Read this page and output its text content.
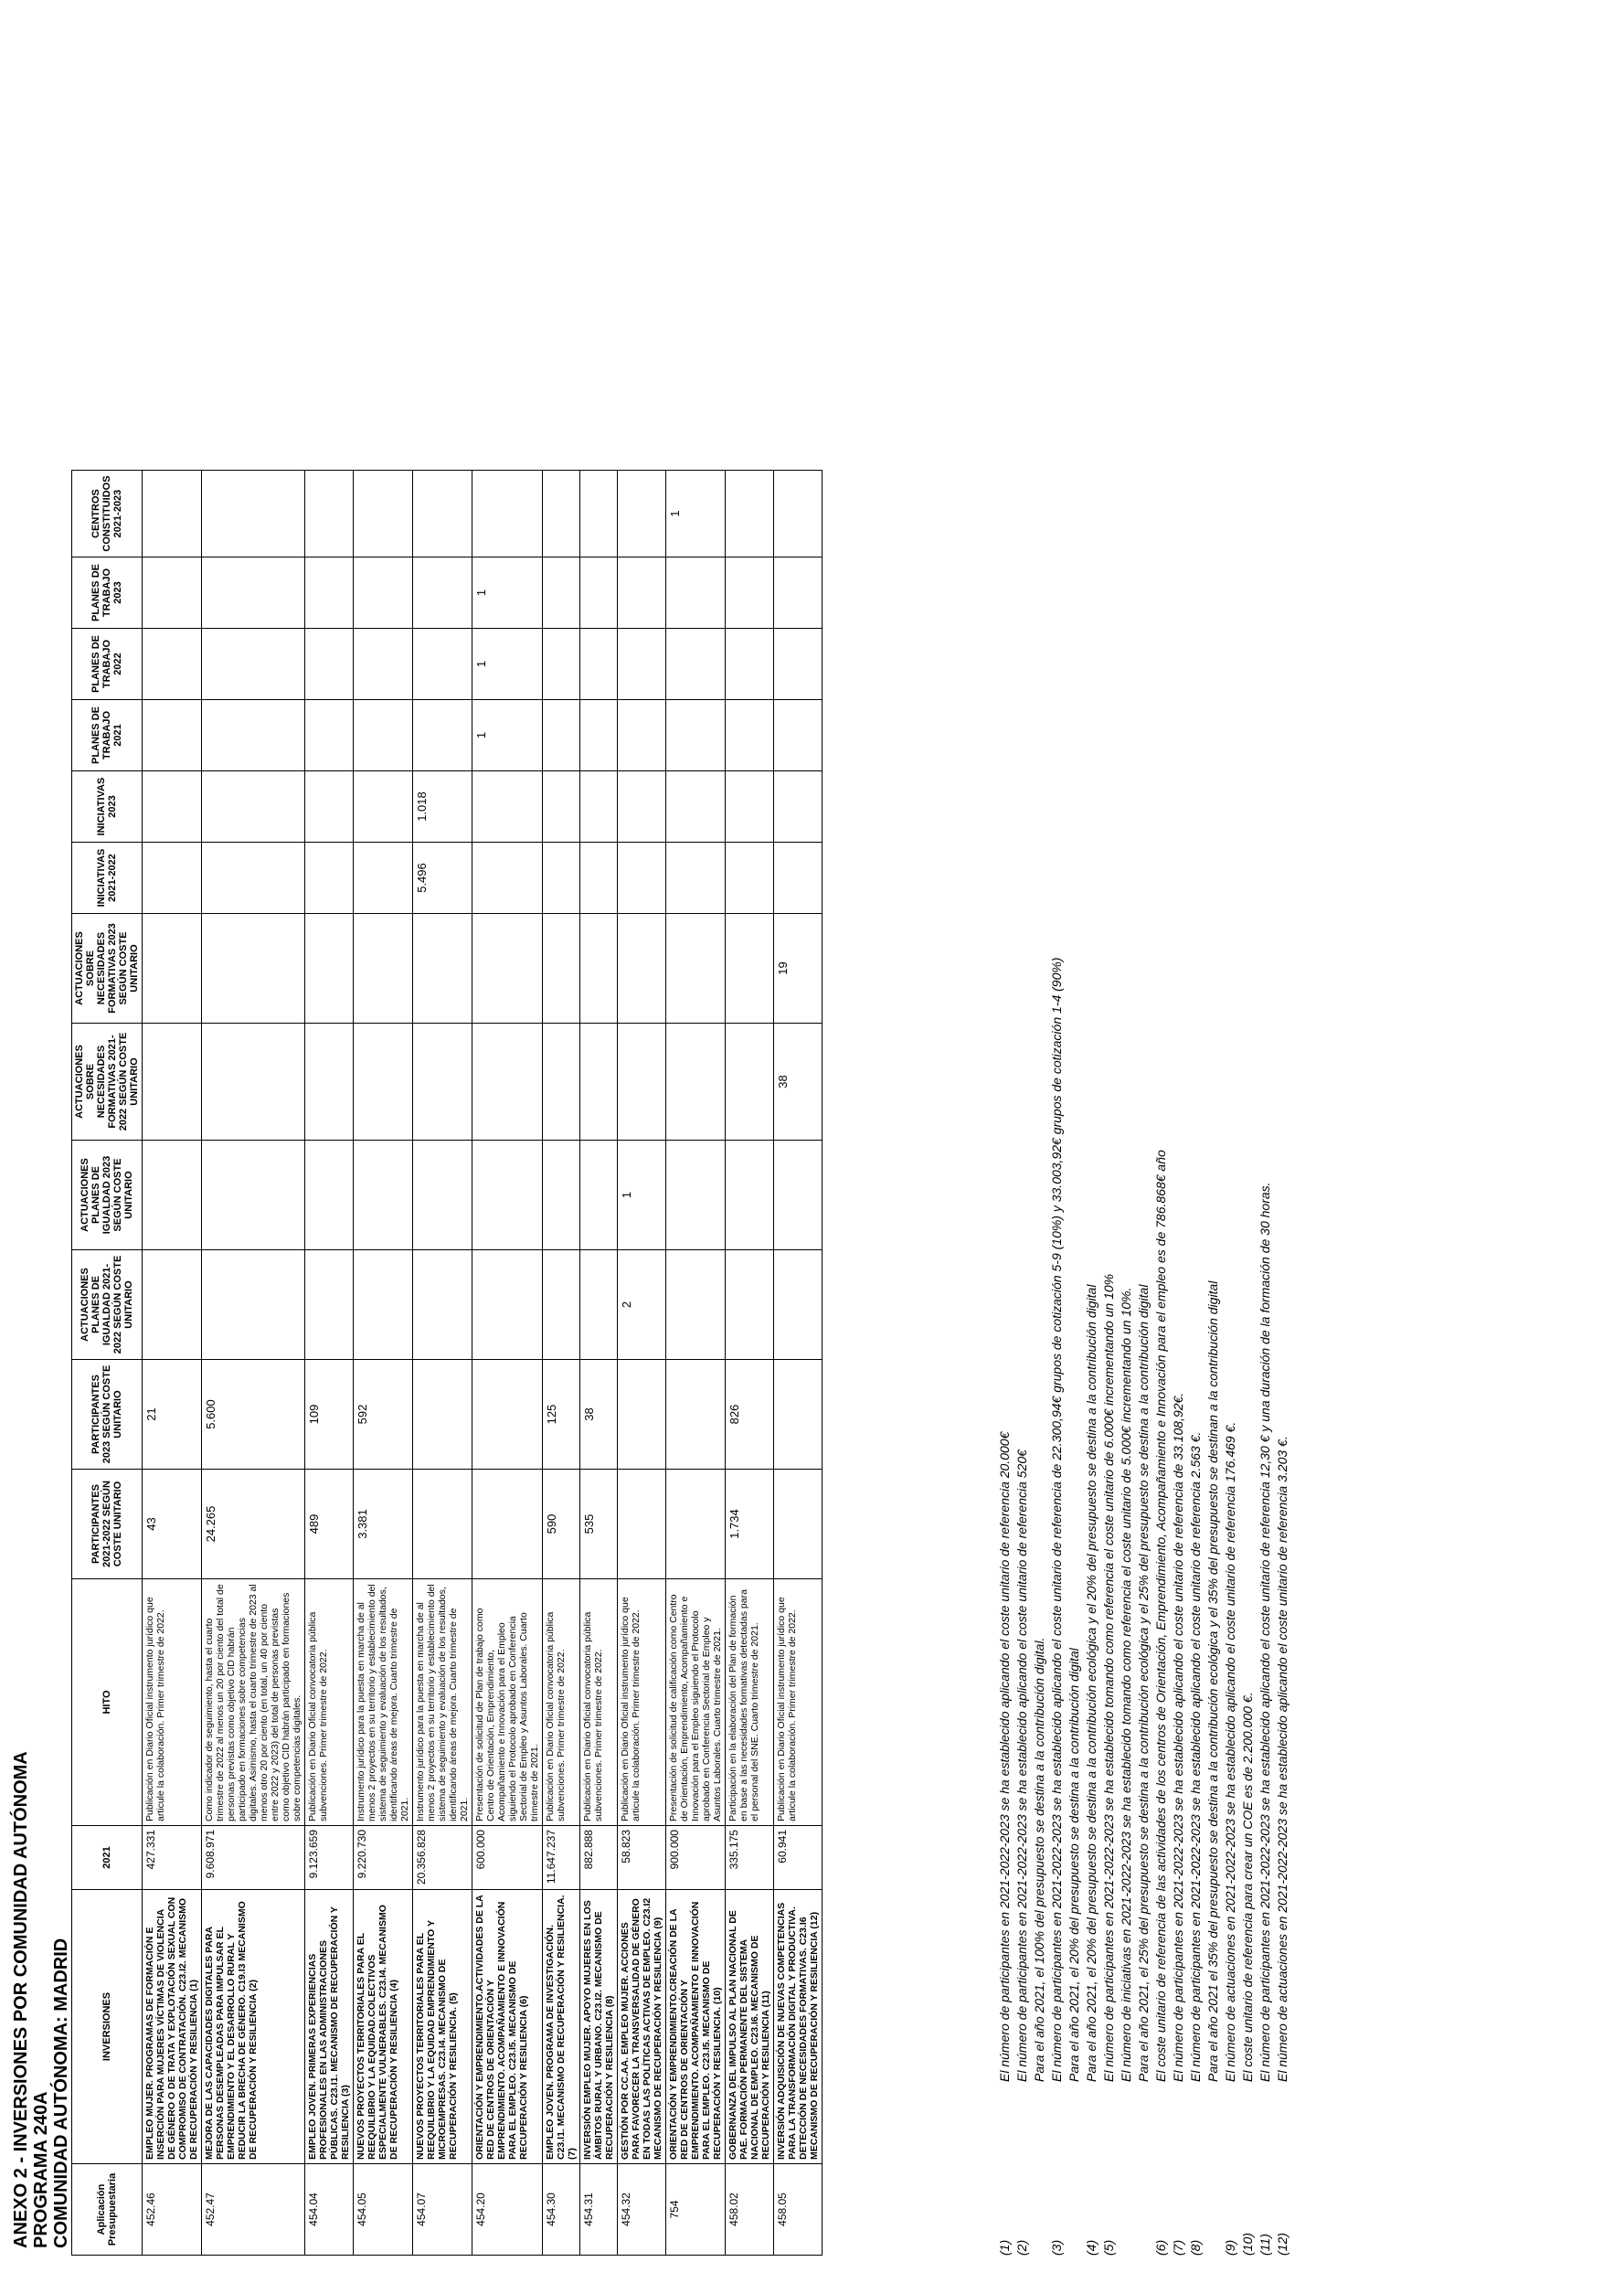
ANEXO 2 - INVERSIONES POR COMUNIDAD AUTÓNOMA PROGRAMA 240A COMUNIDAD AUTÓNOMA: MADRID Aplicación Presupuestaria	INVERSIONES	2021	HITO	PARTICIPANTES 2021-2022 SEGÚN COSTE UNITARIO	PARTICIPANTES 2023 SEGÚN COSTE UNITARIO	ACTUACIONES PLANES DE IGUALDAD 2021-2022 SEGÚN COSTE UNITARIO	ACTUACIONES PLANES DE IGUALDAD 2023 SEGÚN COSTE UNITARIO	ACTUACIONES SOBRE NECESIDADES FORMATIVAS 2021-2022 SEGÚN COSTE UNITARIO	ACTUACIONES SOBRE NECESIDADES FORMATIVAS 2023 SEGÚN COSTE UNITARIO	INICIATIVAS 2021-2022	INICIATIVAS 2023	PLANES DE TRABAJO 2021	PLANES DE TRABAJO 2022	PLANES DE TRABAJO 2023	CENTROS CONSTITUIDOS 2021-2023
452.46	EMPLEO MUJER. PROGRAMAS DE FORMACIÓN E INSERCIÓN PARA MUJERES VÍCTIMAS DE VIOLENCIA DE GÉNERO O DE TRATA Y EXPLOTACIÓN SEXUAL CON COMPROMISO DE CONTRATACIÓN. C23.I2. MECANISMO DE RECUPERACIÓN Y RESILIENCIA (1)	427.331	Publicación en Diario Oficial instrumento jurídico que articule la colaboración. Primer trimestre de 2022.	43	21										
452.47	MEJORA DE LAS CAPACIDADES DIGITALES PARA PERSONAS DESEMPLEADAS PARA IMPULSAR EL EMPRENDIMIENTO Y EL DESARROLLO RURAL Y REDUCIR LA BRECHA DE GÉNERO. C19.I3 MECANISMO DE RECUPERACIÓN Y RESILIENCIA (2)	9.608.971	Como indicador de seguimiento, hasta el cuarto trimestre de 2022 al menos un 20 por ciento del total de personas previstas como objetivo CID habrán participado en formaciones sobre competencias digitales. Asimismo, hasta el cuarto trimestre de 2023 al menos otro 20 por ciento (en total, un 40 por ciento entre 2022 y 2023) del total de personas previstas como objetivo CID habrán participado en formaciones sobre competencias digitales.	24.265	5.600										
454.04	EMPLEO JOVEN. PRIMERAS EXPERIENCIAS PROFESIONALES EN LAS ADMINISTRACIONES PÚBLICAS. C23.I1. MECANISMO DE RECUPERACIÓN Y RESILIENCIA (3)	9.123.659	Publicación en Diario Oficial convocatoria pública subvenciones. Primer trimestre de 2022.	489	109										
454.05	NUEVOS PROYECTOS TERRITORIALES PARA EL REEQUILIBRIO Y LA EQUIDAD.COLECTIVOS ESPECIALMENTE VULNERABLES. C23.I4. MECANISMO DE RECUPERACIÓN Y RESILIENCIA (4)	9.220.730	Instrumento jurídico para la puesta en marcha de al menos 2 proyectos en su territorio y establecimiento del sistema de seguimiento y evaluación de los resultados, identificando áreas de mejora. Cuarto trimestre de 2021.	3.381	592										
454.07	NUEVOS PROYECTOS TERRITORIALES PARA EL REEQUILIBRIO Y LA EQUIDAD EMPRENDIMIENTO Y MICROEMPRESAS. C23.I4. MECANISMO DE RECUPERACIÓN Y RESILIENCIA. (5)	20.356.828	Instrumento jurídico para la puesta en marcha de al menos 2 proyectos en su territorio y establecimiento del sistema de seguimiento y evaluación de los resultados, identificando áreas de mejora. Cuarto trimestre de 2021.							5.496	1.018				
454.20	ORIENTACIÓN Y EMPRENDIMIENTO.ACTIVIDADES DE LA RED DE CENTROS DE ORIENTACIÓN Y EMPRENDIMIENTO. ACOMPAÑAMIENTO E INNOVACIÓN PARA EL EMPLEO. C23.I5. MECANISMO DE RECUPERACIÓN Y RESILIENCIA (6)	600.000	Presentación de solicitud de Plan de trabajo como Centro de Orientación, Emprendimiento, Acompañamiento e Innovación para el Empleo siguiendo el Protocolo aprobado en Conferencia Sectorial de Empleo y Asuntos Laborales. Cuarto trimestre de 2021.									1	1	1	
454.30	EMPLEO JOVEN. PROGRAMA DE INVESTIGACIÓN. C23.I1. MECANISMO DE RECUPERACIÓN Y RESILIENCIA. (7)	11.647.237	Publicación en Diario Oficial convocatoria pública subvenciones. Primer trimestre de 2022.	590	125										
454.31	INVERSIÓN EMPLEO MUJER. APOYO MUJERES EN LOS ÁMBITOS RURAL Y URBANO. C23.I2. MECANISMO DE RECUPERACIÓN Y RESILIENCIA (8)	882.888	Publicación en Diario Oficial convocatoria pública subvenciones. Primer trimestre de 2022.	535	38										
454.32	GESTIÓN POR CC.AA. EMPLEO MUJER. ACCIONES PARA FAVORECER LA TRANSVERSALIDAD DE GÉNERO EN TODAS LAS POLÍTICAS ACTIVAS DE EMPLEO. C23.I2 MECANISMO DE RECUPERACIÓN Y RESILIENCIA (9)	58.823	Publicación en Diario Oficial instrumento jurídico que articule la colaboración. Primer trimestre de 2022.			2	1								
754	ORIENTACIÓN Y EMPRENDIMIENTO.CREACIÓN DE LA RED DE CENTROS DE ORIENTACIÓN Y EMPRENDIMIENTO. ACOMPAÑAMIENTO E INNOVACIÓN PARA EL EMPLEO. C23.I5. MECANISMO DE RECUPERACIÓN Y RESILIENCIA. (10)	900.000	Presentación de solicitud de calificación como Centro de Orientación, Emprendimiento, Acompañamiento e Innovación para el Empleo siguiendo el Protocolo aprobado en Conferencia Sectorial de Empleo y Asuntos Laborales. Cuarto trimestre de 2021.												1
458.02	GOBERNANZA DEL IMPULSO AL PLAN NACIONAL DE PAE. FORMACIÓN PERMANENTE DEL SISTEMA NACIONAL DE EMPLEO. C23.I6. MECANISMO DE RECUPERACIÓN Y RESILIENCIA (11)	335.175	Participación en la elaboración del Plan de formación en base a las necesidades formativas detectadas para el personal del SNE. Cuarto trimestre de 2021.	1.734	826										
458.05	INVERSIÓN ADQUISICIÓN DE NUEVAS COMPETENCIAS PARA LA TRANSFORMACIÓN DIGITAL Y PRODUCTIVA. DETECCIÓN DE NECESIDADES FORMATIVAS. C23.I6 MECANISMO DE RECUPERACIÓN Y RESILIENCIA (12)	60.941	Publicación en Diario Oficial instrumento jurídico que articule la colaboración. Primer trimestre de 2022.					38	19						
(1)
El número de participantes en 2021-2022-2023 se ha establecido aplicando el coste unitario de referencia 20.000€
(2)
El número de participantes en 2021-2022-2023 se ha establecido aplicando el coste unitario de referencia 520€ Para el año 2021, el 100% del presupuesto se destina a la contribución digital.
(3)
El número de participantes en 2021-2022-2023 se ha establecido aplicando el coste unitario de referencia de 22.300,94€ grupos de cotización 5-9 (10%) y 33.003,92€ grupos de cotización 1-4 (90%) Para el año 2021, el 20% del presupuesto se destina a la contribución digital
(4)
Para el año 2021, el 20% del presupuesto se destina a la contribución ecológica y el 20% del presupuesto se destina a la contribución digital
(5)
El número de participantes en 2021-2022-2023 se ha establecido tomando como referencia el coste unitario de 6.000€ incrementando un 10% El número de iniciativas en 2021-2022-2023 se ha establecido tomando como referencia el coste unitario de 5.000€ incrementando un 10%. Para el año 2021, el 25% del presupuesto se destina a la contribución ecológica y el 25% del presupuesto se destina a la contribución digital
(6)
El coste unitario de referencia de las actividades de los centros de Orientación, Emprendimiento, Acompañamiento e Innovación para el empleo es de 786.868€ año
(7)
El número de participantes en 2021-2022-2023 se ha establecido aplicando el coste unitario de referencia de 33.108,92€.
(8)
El número de participantes en 2021-2022-2023 se ha establecido aplicando el coste unitario de referencia 2.563 €. Para el año 2021 el 35% del presupuesto se destina a la contribución ecológica y el 35% del presupuesto se destinan a la contribución digital
(9)
El número de actuaciones en 2021-2022-2023 se ha establecido aplicando el coste unitario de referencia 176.469 €.
(10)
El coste unitario de referencia para crear un COE es de 2.200.000 €.
(11)
El número de participantes en 2021-2022-2023 se ha establecido aplicando el coste unitario de referencia 12,30 € y una duración de la formación de 30 horas.
(12)
El número de actuaciones en 2021-2022-2023 se ha establecido aplicando el coste unitario de referencia 3.203 €.
